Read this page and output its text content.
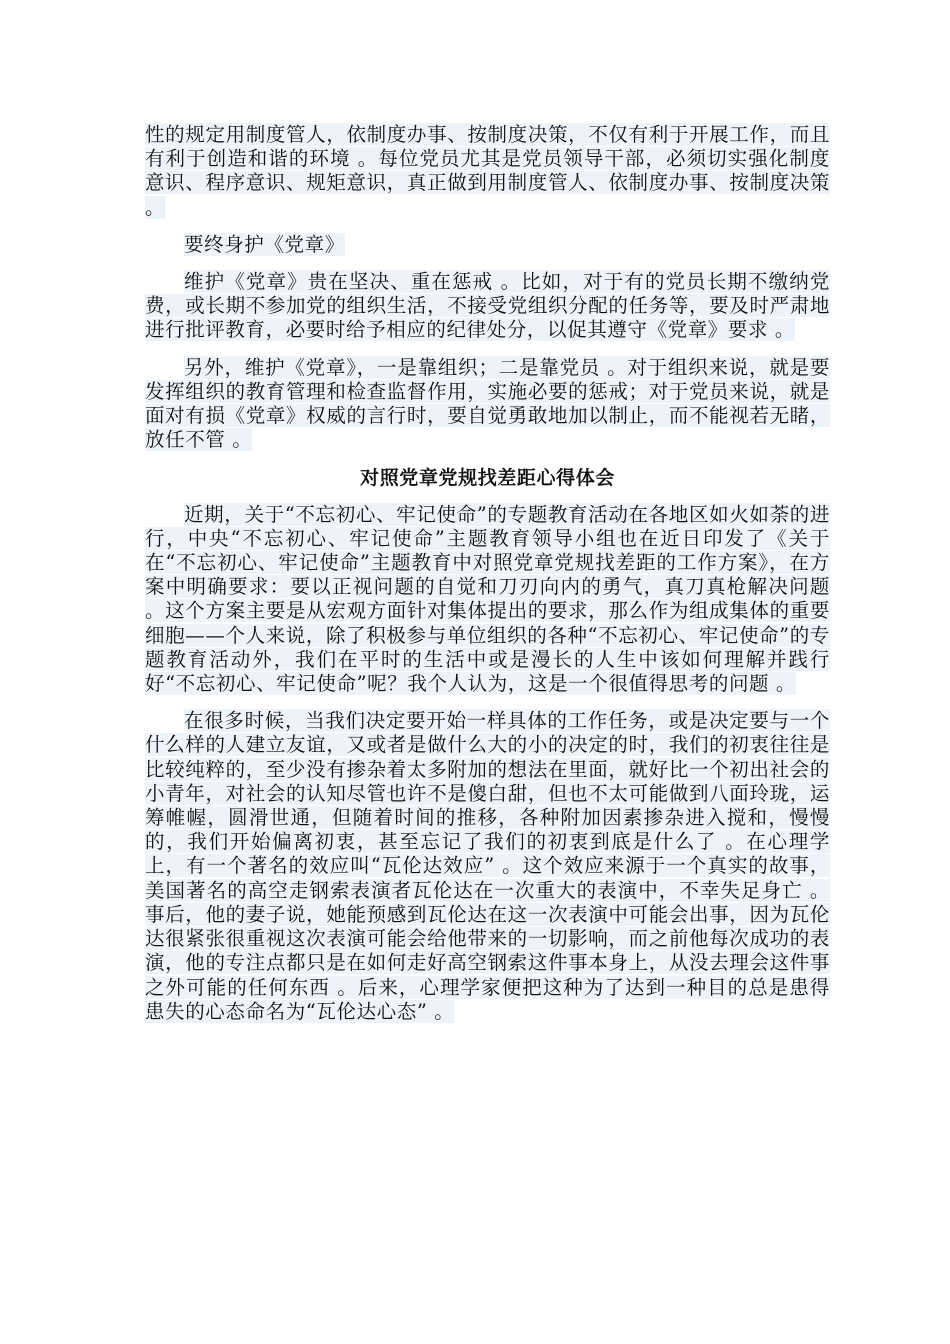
性的规定用制度管人，依制度办事、按制度决策，不仅有利于开展工作，而且有利于创造和谐的环境 。每位党员尤其是党员领导干部，必须切实强化制度意识、程序意识、规矩意识，真正做到用制度管人、依制度办事、按制度决策 。

要终身护《党章》

维护《党章》贵在坚决、重在惩戒 。比如，对于有的党员长期不缴纳党费，或长期不参加党的组织生活，不接受党组织分配的任务等，要及时严肃地进行批评教育，必要时给予相应的纪律处分，以促其遵守《党章》要求 。

另外，维护《党章》，一是靠组织；二是靠党员 。对于组织来说，就是要发挥组织的教育管理和检查监督作用，实施必要的惩戒；对于党员来说，就是面对有损《党章》权威的言行时，要自觉勇敢地加以制止，而不能视若无睹，放任不管 。

对照党章党规找差距心得体会

近期，关于“不忘初心、牢记使命”的专题教育活动在各地区如火如荼的进行，中央“不忘初心、牢记使命”主题教育领导小组也在近日印发了《关于在“不忘初心、牢记使命”主题教育中对照党章党规找差距的工作方案》，在方案中明确要求：要以正视问题的自觉和刀刃向内的勇气，真刀真枪解决问题 。这个方案主要是从宏观方面针对集体提出的要求，那么作为组成集体的重要细胞——个人来说，除了积极参与单位组织的各种“不忘初心、牢记使命”的专题教育活动外，我们在平时的生活中或是漫长的人生中该如何理解并践行好“不忘初心、牢记使命”呢？我个人认为，这是一个很值得思考的问题 。

在很多时候，当我们决定要开始一样具体的工作任务，或是决定要与一个什么样的人建立友谊，又或者是做什么大的小的决定的时，我们的初衷往往是比较纯粹的，至少没有掺杂着太多附加的想法在里面，就好比一个初出社会的小青年，对社会的认知尽管也许不是傻白甜，但也不太可能做到八面玲珑，运筹帷幄，圆滑世通，但随着时间的推移，各种附加因素掺杂进入搅和，慢慢的，我们开始偏离初衷，甚至忘记了我们的初衷到底是什么了 。在心理学上，有一个著名的效应叫“瓦伦达效应” 。这个效应来源于一个真实的故事，美国著名的高空走钢索表演者瓦伦达在一次重大的表演中，不幸失足身亡 。事后，他的妻子说，她能预感到瓦伦达在这一次表演中可能会出事，因为瓦伦达很紧张很重视这次表演可能会给他带来的一切影响，而之前他每次成功的表演，他的专注点都只是在如何走好高空钢索这件事本身上，从没去理会这件事之外可能的任何东西 。后来，心理学家便把这种为了达到一种目的总是患得患失的心态命名为“瓦伦达心态” 。
